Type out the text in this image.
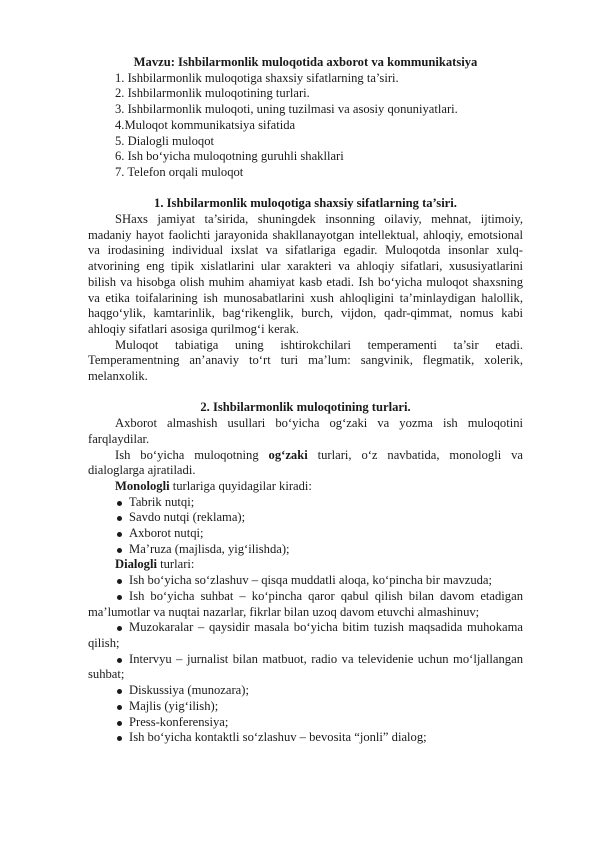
Mavzu: Ishbilarmonlik muloqotida axborot va kommunikatsiya
1. Ishbilarmonlik muloqotiga shaxsiy sifatlarning ta’siri.
2. Ishbilarmonlik muloqotining turlari.
3. Ishbilarmonlik muloqoti, uning tuzilmasi va asosiy qonuniyatlari.
4.Muloqot kommunikatsiya sifatida
5. Dialogli muloqot
6. Ish bo‘yicha muloqotning guruhli shakllari
7. Telefon orqali muloqot
1. Ishbilarmonlik muloqotiga shaxsiy sifatlarning ta’siri.
SHaxs jamiyat ta’sirida, shuningdek insonning oilaviy, mehnat, ijtimoiy, madaniy hayot faolichti jarayonida shakllanayotgan intellektual, ahloqiy, emotsional va irodasining individual ixslat va sifatlariga egadir. Muloqotda insonlar xulq-atvorining eng tipik xislatlarini ular xarakteri va ahloqiy sifatlari, xususiyatlarini bilish va hisobga olish muhim ahamiyat kasb etadi. Ish bo‘yicha muloqot shaxsning va etika toifalarining ish munosabatlarini xush ahloqligini ta’minlaydigan halollik, haqgo‘ylik, kamtarinlik, bag‘rikenglik, burch, vijdon, qadr-qimmat, nomus kabi ahloqiy sifatlari asosiga qurilmog‘i kerak.
Muloqot tabiatiga uning ishtirokchilari temperamenti ta’sir etadi. Temperamentning an’anaviy to‘rt turi ma’lum: sangvinik, flegmatik, xolerik, melanxolik.
2. Ishbilarmonlik muloqotining turlari.
Axborot almashish usullari bo‘yicha og‘zaki va yozma ish muloqotini farqlaydilar.
Ish bo‘yicha muloqotning og‘zaki turlari, o‘z navbatida, monologli va dialoglarga ajratiladi.
Monologli turlariga quyidagilar kiradi:
Tabrik nutqi;
Savdo nutqi (reklama);
Axborot nutqi;
Ma’ruza (majlisda, yig‘ilishda);
Dialogli turlari:
Ish bo‘yicha so‘zlashuv – qisqa muddatli aloqa, ko‘pincha bir mavzuda;
Ish bo‘yicha suhbat – ko‘pincha qaror qabul qilish bilan davom etadigan ma’lumotlar va nuqtai nazarlar, fikrlar bilan uzoq davom etuvchi almashinuv;
Muzokaralar – qaysidir masala bo‘yicha bitim tuzish maqsadida muhokama qilish;
Intervyu – jurnalist bilan matbuot, radio va televidenie uchun mo‘ljallangan suhbat;
Diskussiya (munozara);
Majlis (yig‘ilish);
Press-konferensiya;
Ish bo‘yicha kontaktli so‘zlashuv – bevosita “jonli” dialog;
